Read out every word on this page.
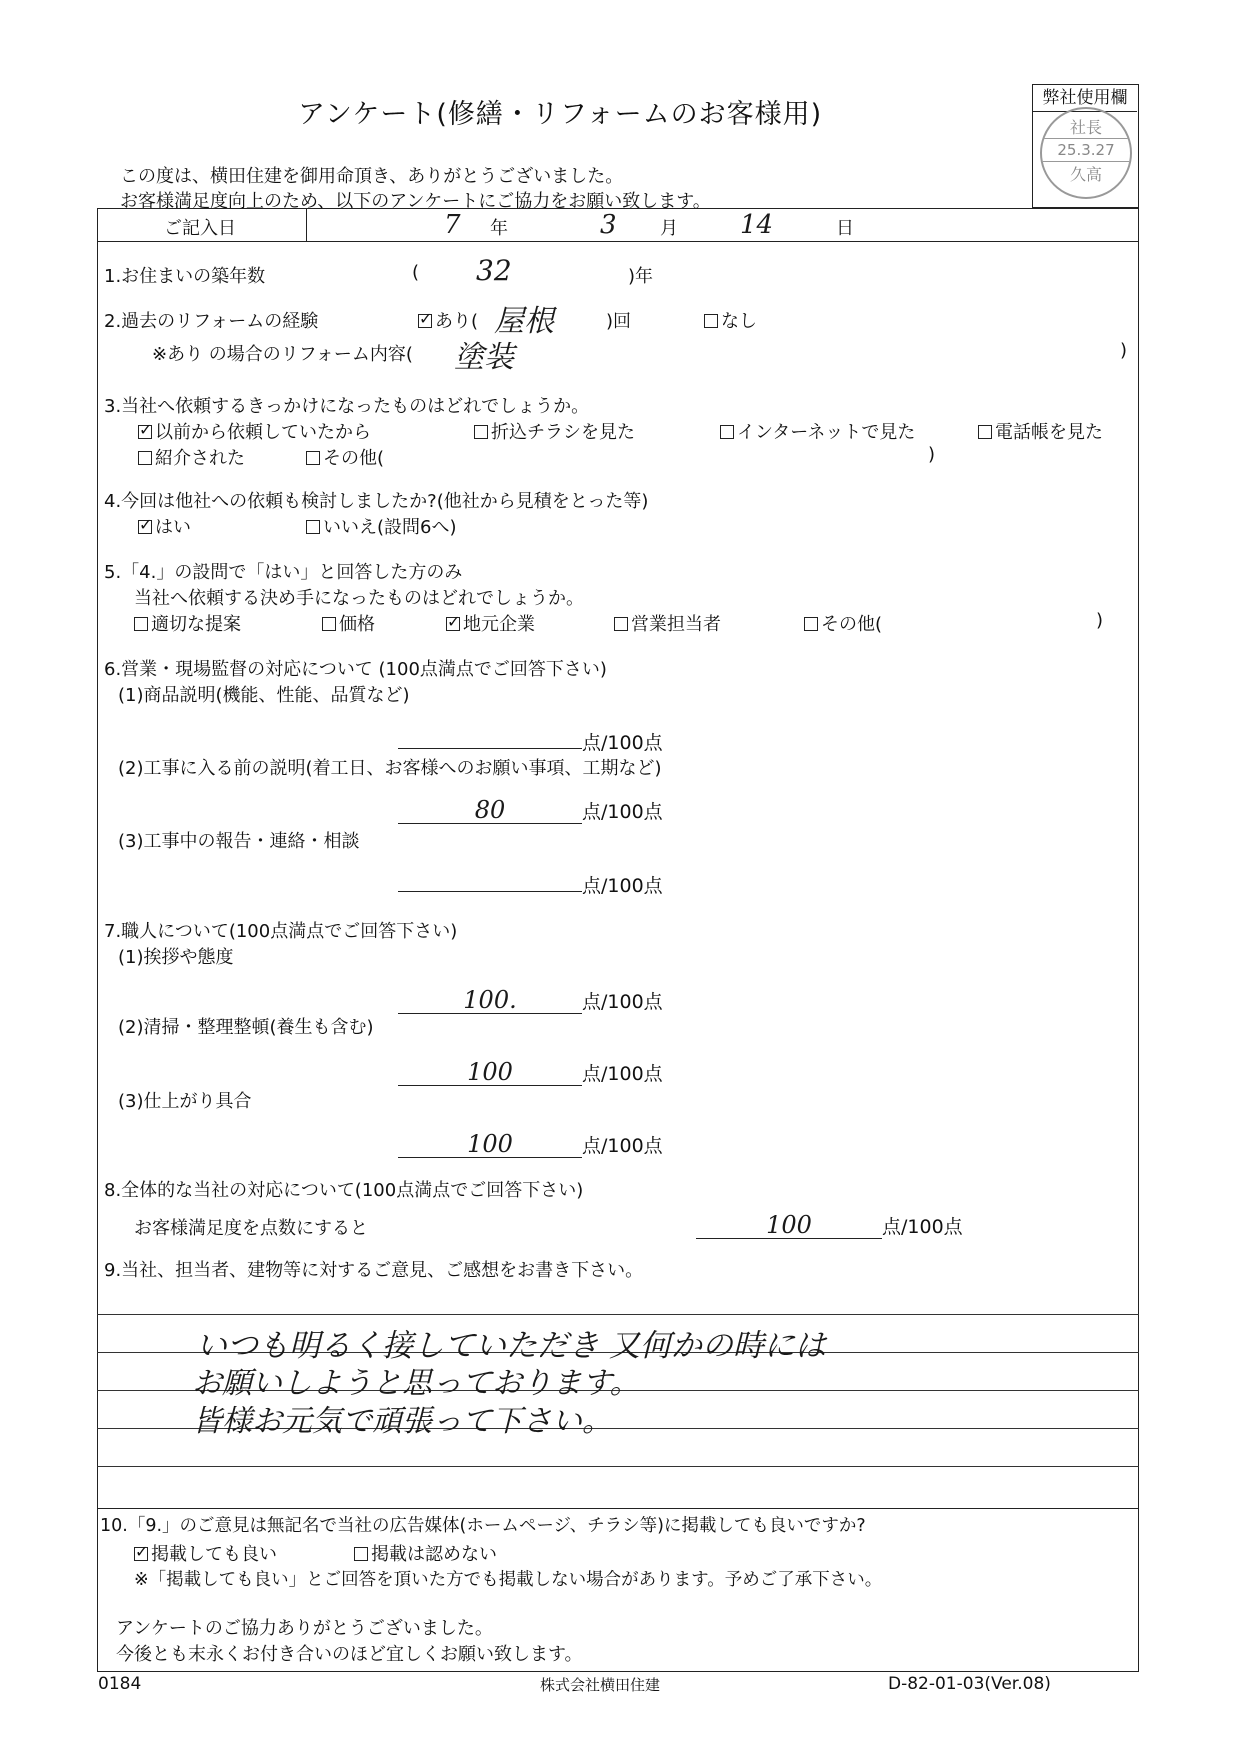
アンケート(修繕・リフォームのお客様用)
弊社使用欄
社長
25.3.27
久高
この度は、横田住建を御用命頂き、ありがとうございました。
お客様満足度向上のため、以下のアンケートにご協力をお願い致します。
ご記入日	7 年	3 月 14	日
1.お住まいの築年数	( 32	)年
2.過去のリフォームの経験 ✓	あり( 屋根	)回	なし
※あり の場合のリフォーム内容( 塗装	)
3.当社へ依頼するきっかけになったものはどれでしょうか。
✓以前から依頼していたから	折込チラシを見た	インターネットで見た	電話帳を見た
紹介された	その他(	)
4.今回は他社への依頼も検討しましたか?(他社から見積をとった等)
✓はい	いいえ(設問6へ)
5.「4.」の設問で「はい」と回答した方のみ
当社へ依頼する決め手になったものはどれでしょうか。
適切な提案	価格 ✓	地元企業	営業担当者	その他(	)
6.営業・現場監督の対応について (100点満点でご回答下さい)
(1)商品説明(機能、性能、品質など)
点/100点
(2)工事に入る前の説明(着工日、お客様へのお願い事項、工期など)
80	点/100点
(3)工事中の報告・連絡・相談
点/100点
7.職人について(100点満点でご回答下さい)
(1)挨拶や態度
100.	点/100点
(2)清掃・整理整頓(養生も含む)
100	点/100点
(3)仕上がり具合
100	点/100点
8.全体的な当社の対応について(100点満点でご回答下さい)
お客様満足度を点数にすると	100	点/100点
9.当社、担当者、建物等に対するご意見、ご感想をお書き下さい。
いつも明るく接していただき 又何かの時には
お願いしようと思っております。
皆様お元気で頑張って下さい。
10.「9.」のご意見は無記名で当社の広告媒体(ホームページ、チラシ等)に掲載しても良いですか?
✓掲載しても良い	掲載は認めない
※「掲載しても良い」とご回答を頂いた方でも掲載しない場合があります。予めご了承下さい。
アンケートのご協力ありがとうございました。
今後とも末永くお付き合いのほど宜しくお願い致します。
0184	株式会社横田住建	D-82-01-03(Ver.08)
